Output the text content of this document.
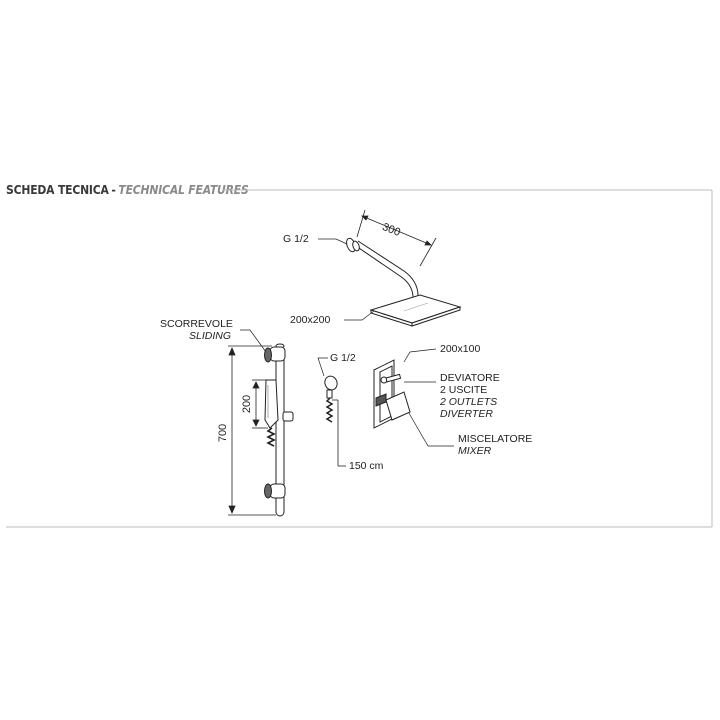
SCHEDA TECNICA - TECHNICAL FEATURES
300
G 1/2
200x200
SCORREVOLE
SLIDING
200
700
G 1/2
150 cm
200x100
DEVIATORE
2 USCITE
2 OUTLETS
DIVERTER
MISCELATORE
MIXER
